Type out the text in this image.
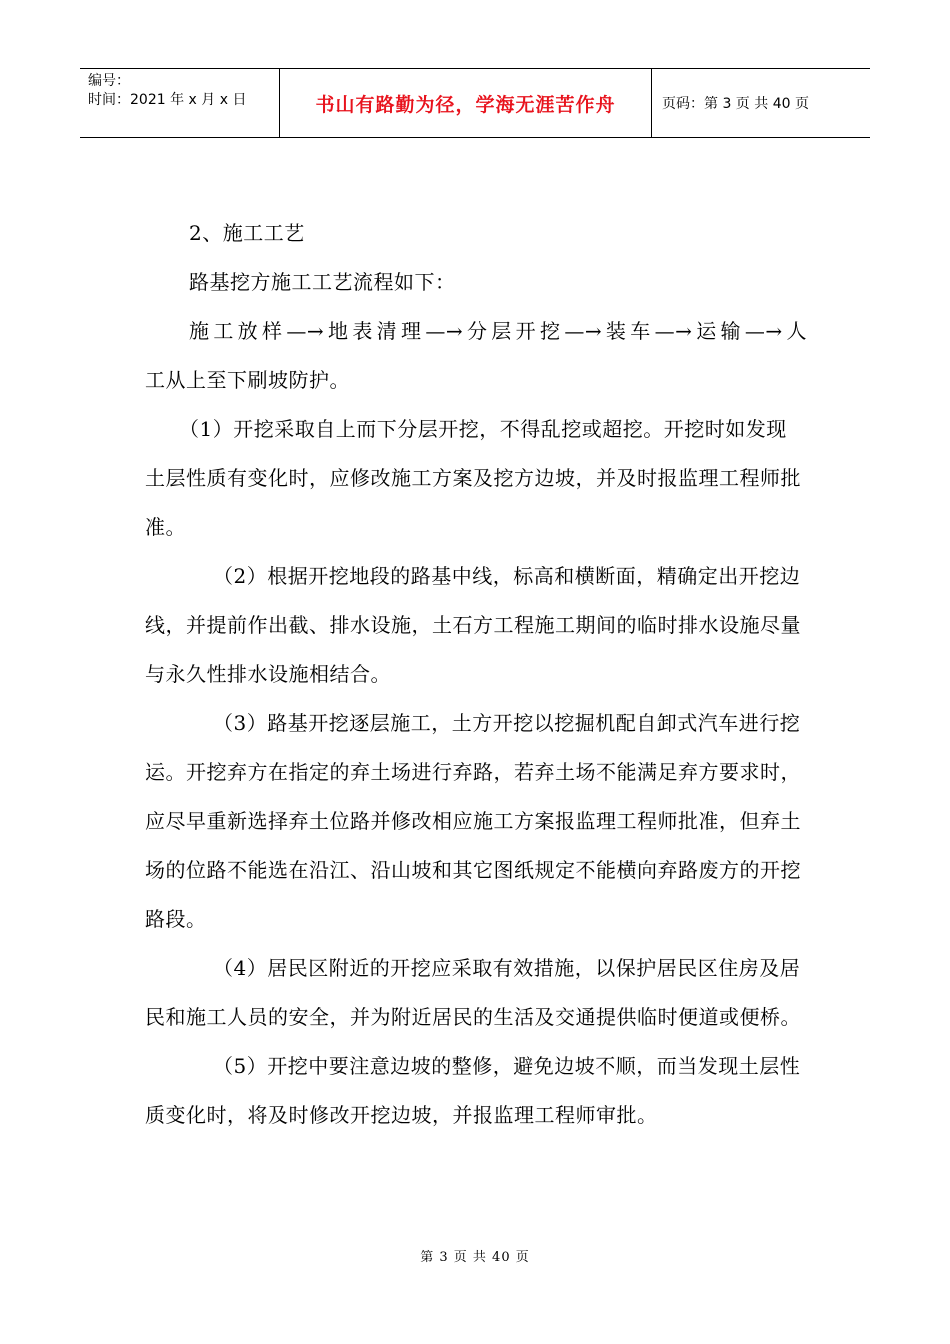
编号：
时间：2021 年 x 月 x 日	书山有路勤为径，学海无涯苦作舟	页码：第 3 页 共 40 页

2、施工工艺

路基挖方施工工艺流程如下：

施工放样—→地表清理—→分层开挖—→装车—→运输—→人

工从上至下刷坡防护。

（1）开挖采取自上而下分层开挖，不得乱挖或超挖。开挖时如发现土层性质有变化时，应修改施工方案及挖方边坡，并及时报监理工程师批准。

（2）根据开挖地段的路基中线，标高和横断面，精确定出开挖边线，并提前作出截、排水设施，土石方工程施工期间的临时排水设施尽量与永久性排水设施相结合。

（3）路基开挖逐层施工，土方开挖以挖掘机配自卸式汽车进行挖运。开挖弃方在指定的弃土场进行弃路，若弃土场不能满足弃方要求时，应尽早重新选择弃土位路并修改相应施工方案报监理工程师批准，但弃土场的位路不能选在沿江、沿山坡和其它图纸规定不能横向弃路废方的开挖路段。

（4）居民区附近的开挖应采取有效措施，以保护居民区住房及居民和施工人员的安全，并为附近居民的生活及交通提供临时便道或便桥。

（5）开挖中要注意边坡的整修，避免边坡不顺，而当发现土层性质变化时，将及时修改开挖边坡，并报监理工程师审批。

第 3 页 共 40 页
